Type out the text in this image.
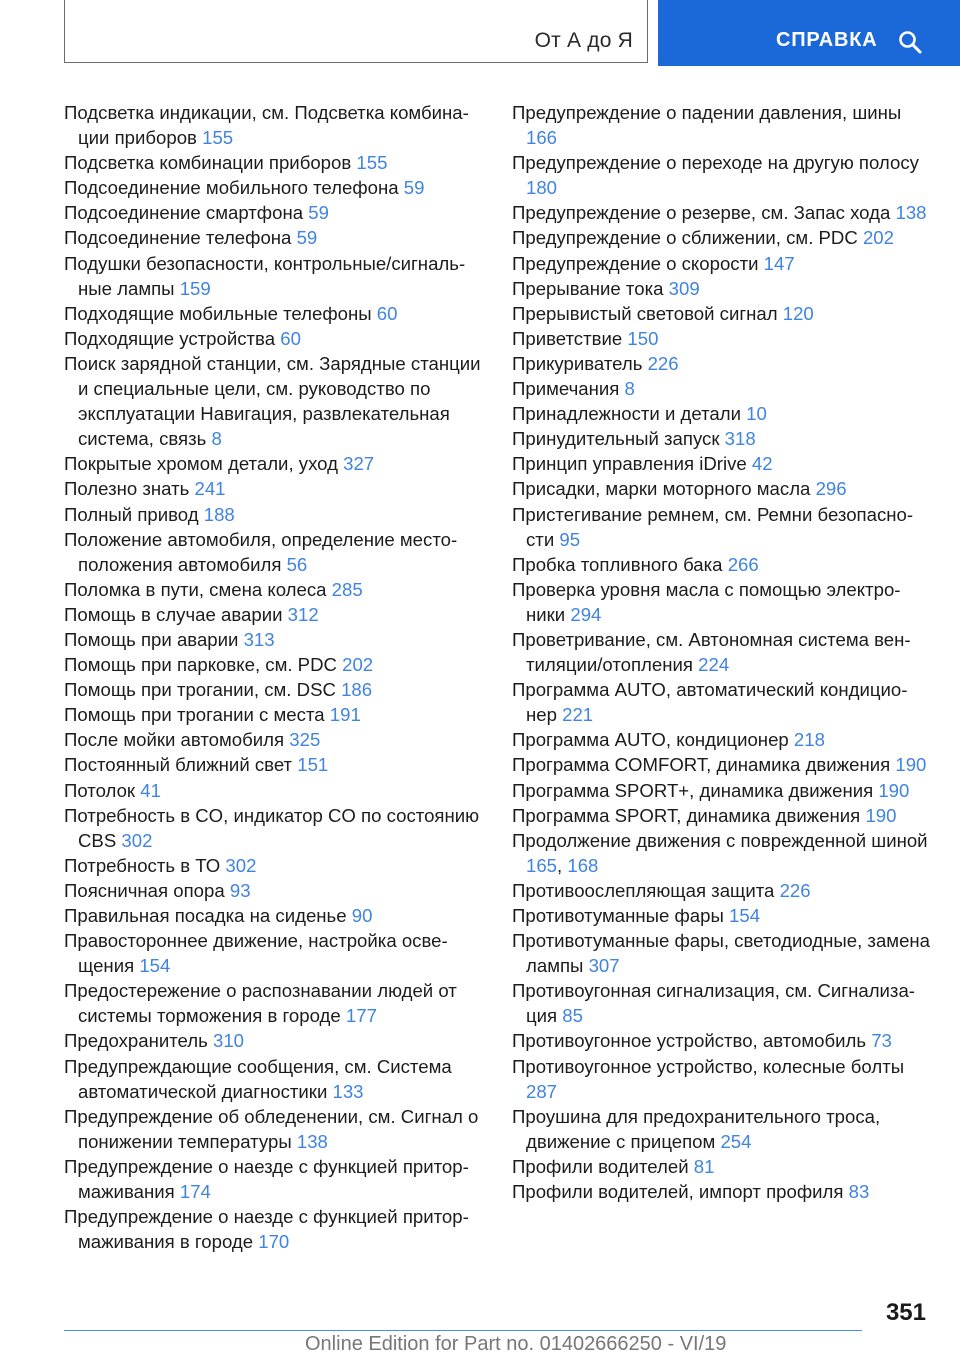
От А до Я	СПРАВКА
Подсветка индикации, см. Подсветка комбинации приборов 155
Подсветка комбинации приборов 155
Подсоединение мобильного телефона 59
Подсоединение смартфона 59
Подсоединение телефона 59
Подушки безопасности, контрольные/сигнальные лампы 159
Подходящие мобильные телефоны 60
Подходящие устройства 60
Поиск зарядной станции, см. Зарядные станции и специальные цели, см. руководство по эксплуатации Навигация, развлекательная система, связь 8
Покрытые хромом детали, уход 327
Полезно знать 241
Полный привод 188
Положение автомобиля, определение местоположения автомобиля 56
Поломка в пути, смена колеса 285
Помощь в случае аварии 312
Помощь при аварии 313
Помощь при парковке, см. PDC 202
Помощь при трогании, см. DSC 186
Помощь при трогании с места 191
После мойки автомобиля 325
Постоянный ближний свет 151
Потолок 41
Потребность в CO, индикатор CO по состоянию CBS 302
Потребность в ТО 302
Поясничная опора 93
Правильная посадка на сиденье 90
Правостороннее движение, настройка освещения 154
Предостережение о распознавании людей от системы торможения в городе 177
Предохранитель 310
Предупреждающие сообщения, см. Система автоматической диагностики 133
Предупреждение об обледенении, см. Сигнал о понижении температуры 138
Предупреждение о наезде с функцией притормаживания 174
Предупреждение о наезде с функцией притормаживания в городе 170
Предупреждение о падении давления, шины 166
Предупреждение о переходе на другую полосу 180
Предупреждение о резерве, см. Запас хода 138
Предупреждение о сближении, см. PDC 202
Предупреждение о скорости 147
Прерывание тока 309
Прерывистый световой сигнал 120
Приветствие 150
Прикуриватель 226
Примечания 8
Принадлежности и детали 10
Принудительный запуск 318
Принцип управления iDrive 42
Присадки, марки моторного масла 296
Пристегивание ремнем, см. Ремни безопасности 95
Пробка топливного бака 266
Проверка уровня масла с помощью электроники 294
Проветривание, см. Автономная система вентиляции/отопления 224
Программа AUTO, автоматический кондиционер 221
Программа AUTO, кондиционер 218
Программа COMFORT, динамика движения 190
Программа SPORT+, динамика движения 190
Программа SPORT, динамика движения 190
Продолжение движения с поврежденной шиной 165, 168
Противоослепляющая защита 226
Противотуманные фары 154
Противотуманные фары, светодиодные, замена лампы 307
Противоугонная сигнализация, см. Сигнализация 85
Противоугонное устройство, автомобиль 73
Противоугонное устройство, колесные болты 287
Проушина для предохранительного троса, движение с прицепом 254
Профили водителей 81
Профили водителей, импорт профиля 83
351
Online Edition for Part no. 01402666250 - VI/19
